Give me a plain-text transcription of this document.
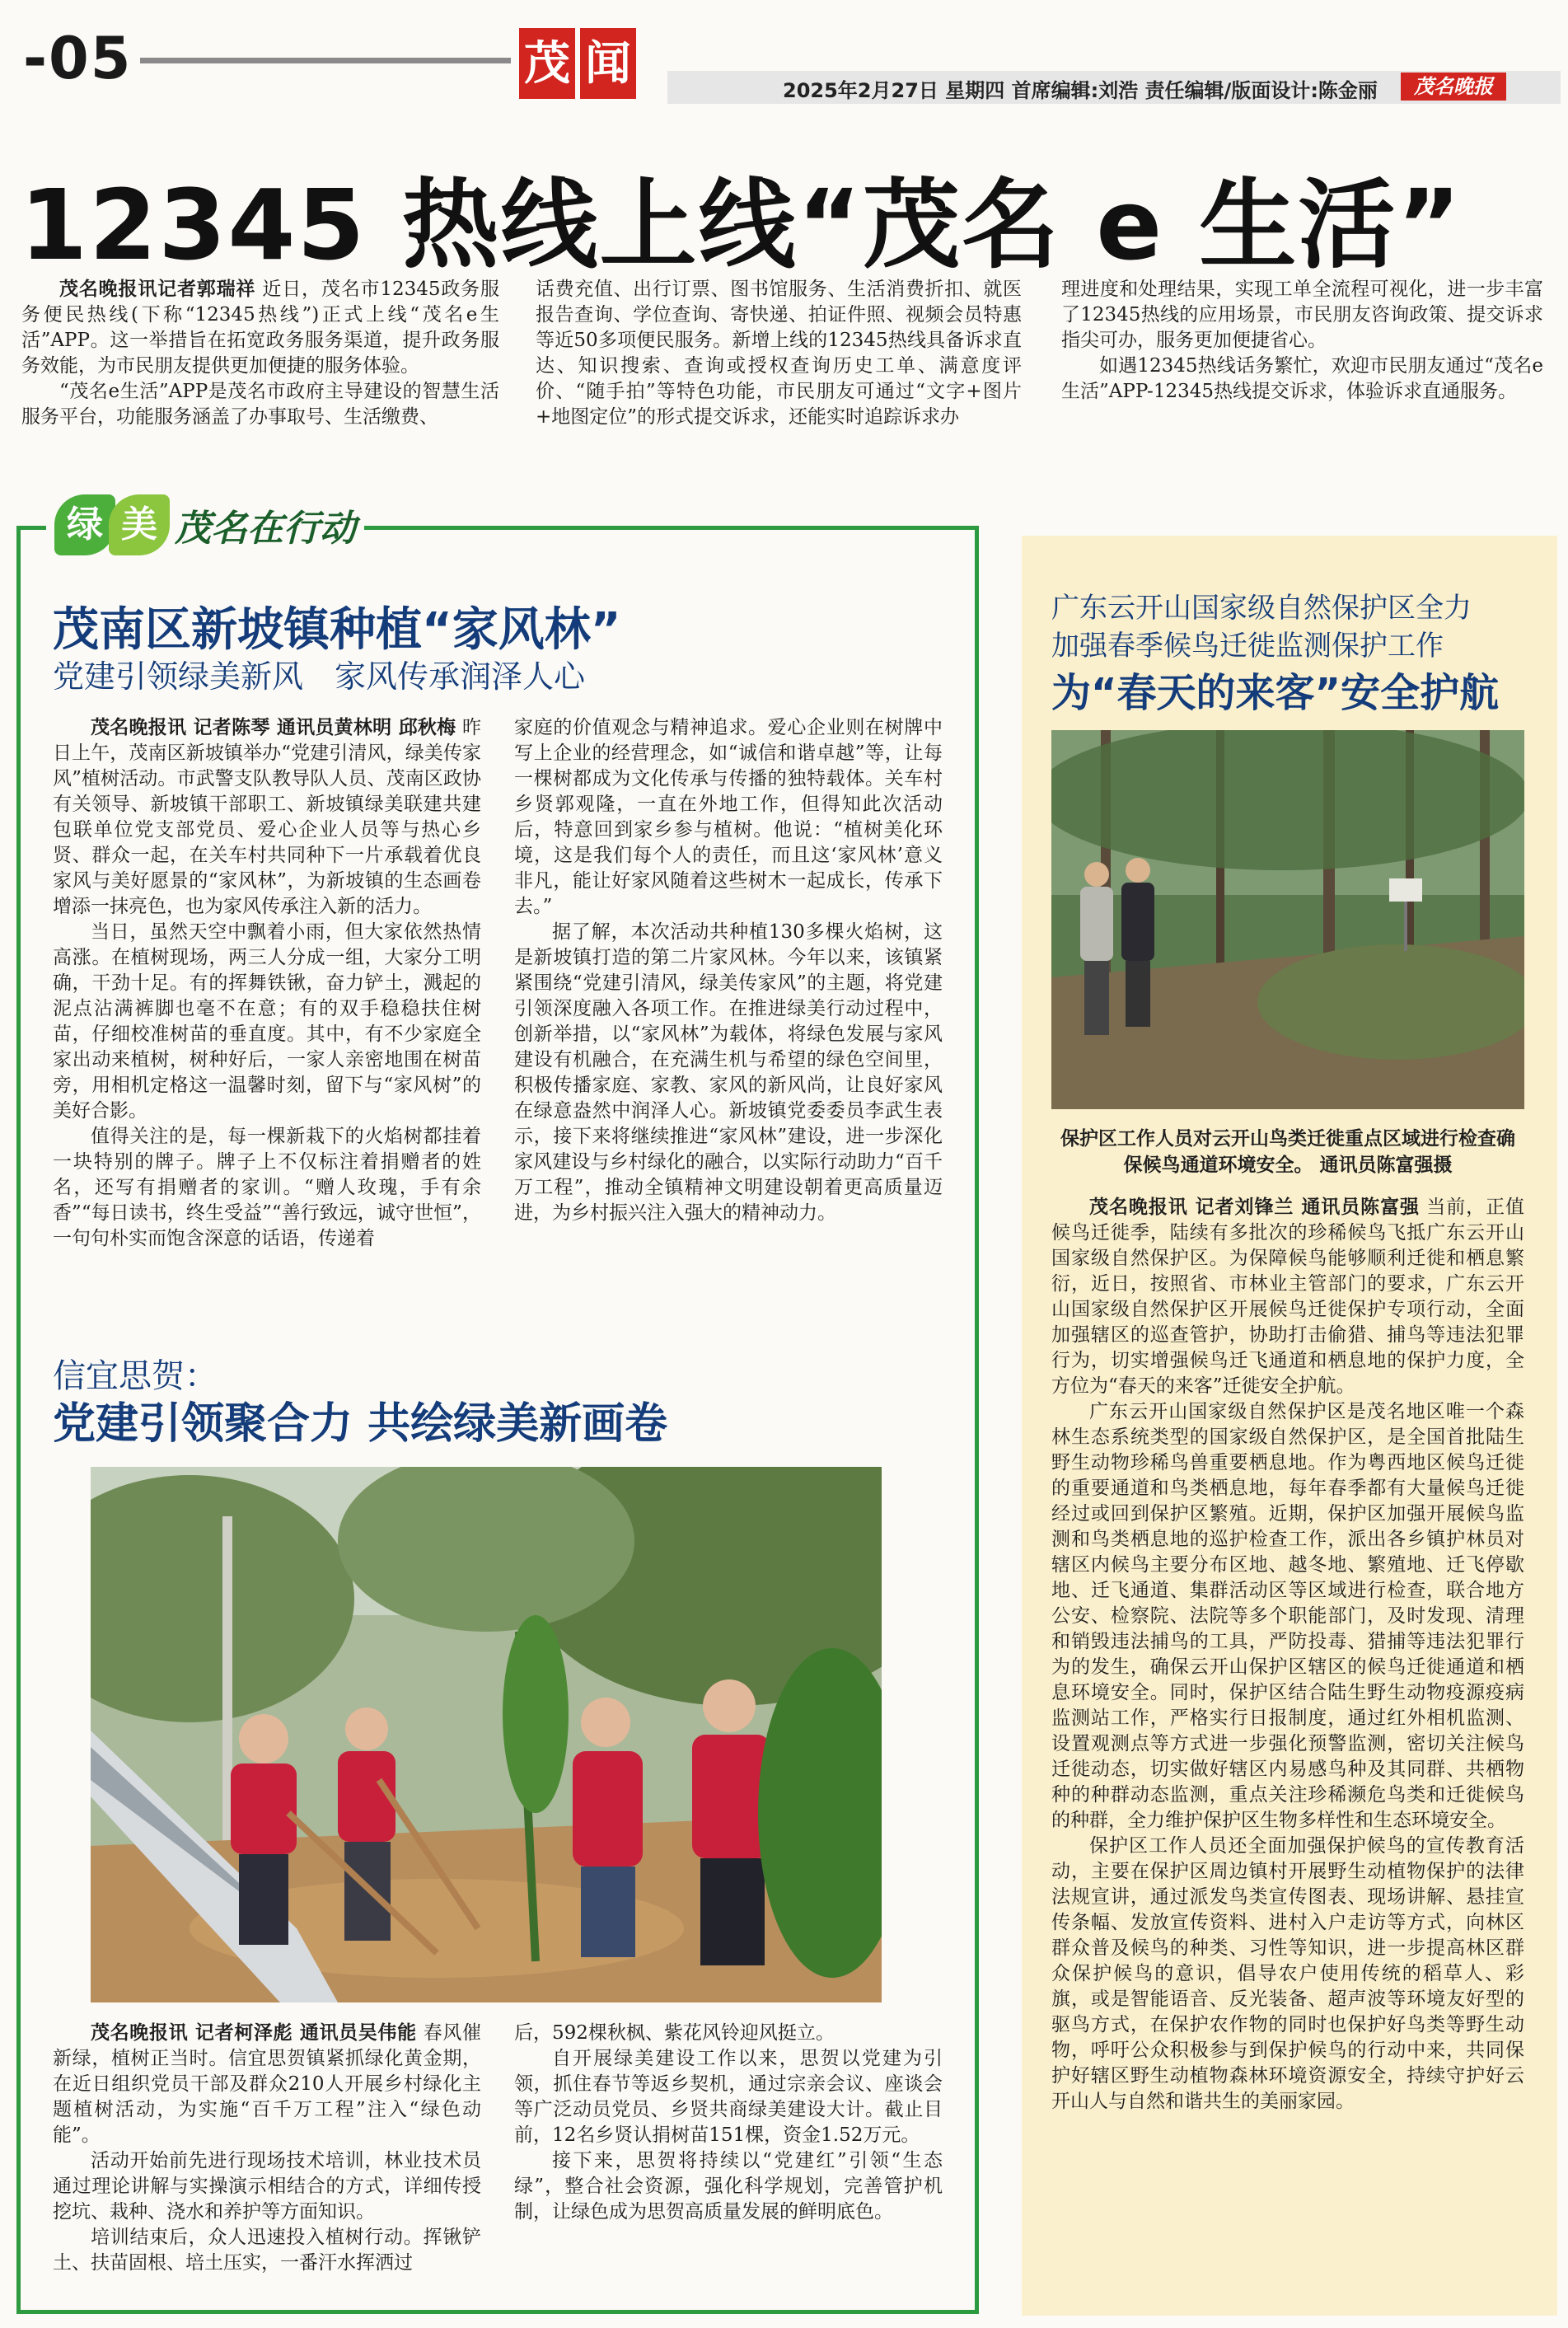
-05	茂 闻	2025年2月27日 星期四 首席编辑:刘浩 责任编辑/版面设计:陈金丽	茂名晚报
12345 热线上线“茂名 e 生活”

茂名晚报讯记者郭瑞祥 近日，茂名市12345政务服务便民热线(下称“12345热线”)正式上线“茂名e生活”APP。这一举措旨在拓宽政务服务渠道，提升政务服务效能，为市民朋友提供更加便捷的服务体验。

“茂名e生活”APP是茂名市政府主导建设的智慧生活服务平台，功能服务涵盖了办事取号、生活缴费、

话费充值、出行订票、图书馆服务、生活消费折扣、就医报告查询、学位查询、寄快递、拍证件照、视频会员特惠等近50多项便民服务。新增上线的12345热线具备诉求直达、知识搜索、查询或授权查询历史工单、满意度评价、“随手拍”等特色功能，市民朋友可通过“文字+图片+地图定位”的形式提交诉求，还能实时追踪诉求办

理进度和处理结果，实现工单全流程可视化，进一步丰富了12345热线的应用场景，市民朋友咨询政策、提交诉求指尖可办，服务更加便捷省心。

如遇12345热线话务繁忙，欢迎市民朋友通过“茂名e生活”APP-12345热线提交诉求，体验诉求直通服务。

绿 美 茂名在行动
茂南区新坡镇种植“家风林”
党建引领绿美新风　家风传承润泽人心

茂名晚报讯 记者陈琴 通讯员黄林明 邱秋梅 昨日上午，茂南区新坡镇举办“党建引清风，绿美传家风”植树活动。市武警支队教导队人员、茂南区政协有关领导、新坡镇干部职工、新坡镇绿美联建共建包联单位党支部党员、爱心企业人员等与热心乡贤、群众一起，在关车村共同种下一片承载着优良家风与美好愿景的“家风林”，为新坡镇的生态画卷增添一抹亮色，也为家风传承注入新的活力。

当日，虽然天空中飘着小雨，但大家依然热情高涨。在植树现场，两三人分成一组，大家分工明确，干劲十足。有的挥舞铁锹，奋力铲土，溅起的泥点沾满裤脚也毫不在意；有的双手稳稳扶住树苗，仔细校准树苗的垂直度。其中，有不少家庭全家出动来植树，树种好后，一家人亲密地围在树苗旁，用相机定格这一温馨时刻，留下与“家风树”的美好合影。

值得关注的是，每一棵新栽下的火焰树都挂着一块特别的牌子。牌子上不仅标注着捐赠者的姓名，还写有捐赠者的家训。“赠人玫瑰，手有余香”“每日读书，终生受益”“善行致远，诚守世恒”，一句句朴实而饱含深意的话语，传递着

家庭的价值观念与精神追求。爱心企业则在树牌中写上企业的经营理念，如“诚信和谐卓越”等，让每一棵树都成为文化传承与传播的独特载体。关车村乡贤郭观隆，一直在外地工作，但得知此次活动后，特意回到家乡参与植树。他说：“植树美化环境，这是我们每个人的责任，而且这‘家风林’意义非凡，能让好家风随着这些树木一起成长，传承下去。”

据了解，本次活动共种植130多棵火焰树，这是新坡镇打造的第二片家风林。今年以来，该镇紧紧围绕“党建引清风，绿美传家风”的主题，将党建引领深度融入各项工作。在推进绿美行动过程中，创新举措，以“家风林”为载体，将绿色发展与家风建设有机融合，在充满生机与希望的绿色空间里，积极传播家庭、家教、家风的新风尚，让良好家风在绿意盎然中润泽人心。新坡镇党委委员李武生表示，接下来将继续推进“家风林”建设，进一步深化家风建设与乡村绿化的融合，以实际行动助力“百千万工程”，推动全镇精神文明建设朝着更高质量迈进，为乡村振兴注入强大的精神动力。

信宜思贺：
党建引领聚合力 共绘绿美新画卷

茂名晚报讯 记者柯泽彪 通讯员吴伟能 春风催新绿，植树正当时。信宜思贺镇紧抓绿化黄金期，在近日组织党员干部及群众210人开展乡村绿化主题植树活动，为实施“百千万工程”注入“绿色动能”。

活动开始前先进行现场技术培训，林业技术员通过理论讲解与实操演示相结合的方式，详细传授挖坑、栽种、浇水和养护等方面知识。

培训结束后，众人迅速投入植树行动。挥锹铲土、扶苗固根、培土压实，一番汗水挥洒过

后，592棵秋枫、紫花风铃迎风挺立。

自开展绿美建设工作以来，思贺以党建为引领，抓住春节等返乡契机，通过宗亲会议、座谈会等广泛动员党员、乡贤共商绿美建设大计。截止目前，12名乡贤认捐树苗151棵，资金1.52万元。

接下来，思贺将持续以“党建红”引领“生态绿”，整合社会资源，强化科学规划，完善管护机制，让绿色成为思贺高质量发展的鲜明底色。

广东云开山国家级自然保护区全力
加强春季候鸟迁徙监测保护工作
为“春天的来客”安全护航
保护区工作人员对云开山鸟类迁徙重点区域进行检查确保候鸟通道环境安全。 通讯员陈富强摄

茂名晚报讯 记者刘锋兰 通讯员陈富强 当前，正值候鸟迁徙季，陆续有多批次的珍稀候鸟飞抵广东云开山国家级自然保护区。为保障候鸟能够顺利迁徙和栖息繁衍，近日，按照省、市林业主管部门的要求，广东云开山国家级自然保护区开展候鸟迁徙保护专项行动，全面加强辖区的巡查管护，协助打击偷猎、捕鸟等违法犯罪行为，切实增强候鸟迁飞通道和栖息地的保护力度，全方位为“春天的来客”迁徙安全护航。

广东云开山国家级自然保护区是茂名地区唯一个森林生态系统类型的国家级自然保护区，是全国首批陆生野生动物珍稀鸟兽重要栖息地。作为粤西地区候鸟迁徙的重要通道和鸟类栖息地，每年春季都有大量候鸟迁徙经过或回到保护区繁殖。近期，保护区加强开展候鸟监测和鸟类栖息地的巡护检查工作，派出各乡镇护林员对辖区内候鸟主要分布区地、越冬地、繁殖地、迁飞停歇地、迁飞通道、集群活动区等区域进行检查，联合地方公安、检察院、法院等多个职能部门，及时发现、清理和销毁违法捕鸟的工具，严防投毒、猎捕等违法犯罪行为的发生，确保云开山保护区辖区的候鸟迁徙通道和栖息环境安全。同时，保护区结合陆生野生动物疫源疫病监测站工作，严格实行日报制度，通过红外相机监测、设置观测点等方式进一步强化预警监测，密切关注候鸟迁徙动态，切实做好辖区内易感鸟种及其同群、共栖物种的种群动态监测，重点关注珍稀濒危鸟类和迁徙候鸟的种群，全力维护保护区生物多样性和生态环境安全。

保护区工作人员还全面加强保护候鸟的宣传教育活动，主要在保护区周边镇村开展野生动植物保护的法律法规宣讲，通过派发鸟类宣传图表、现场讲解、悬挂宣传条幅、发放宣传资料、进村入户走访等方式，向林区群众普及候鸟的种类、习性等知识，进一步提高林区群众保护候鸟的意识，倡导农户使用传统的稻草人、彩旗，或是智能语音、反光装备、超声波等环境友好型的驱鸟方式，在保护农作物的同时也保护好鸟类等野生动物，呼吁公众积极参与到保护候鸟的行动中来，共同保护好辖区野生动植物森林环境资源安全，持续守护好云开山人与自然和谐共生的美丽家园。
